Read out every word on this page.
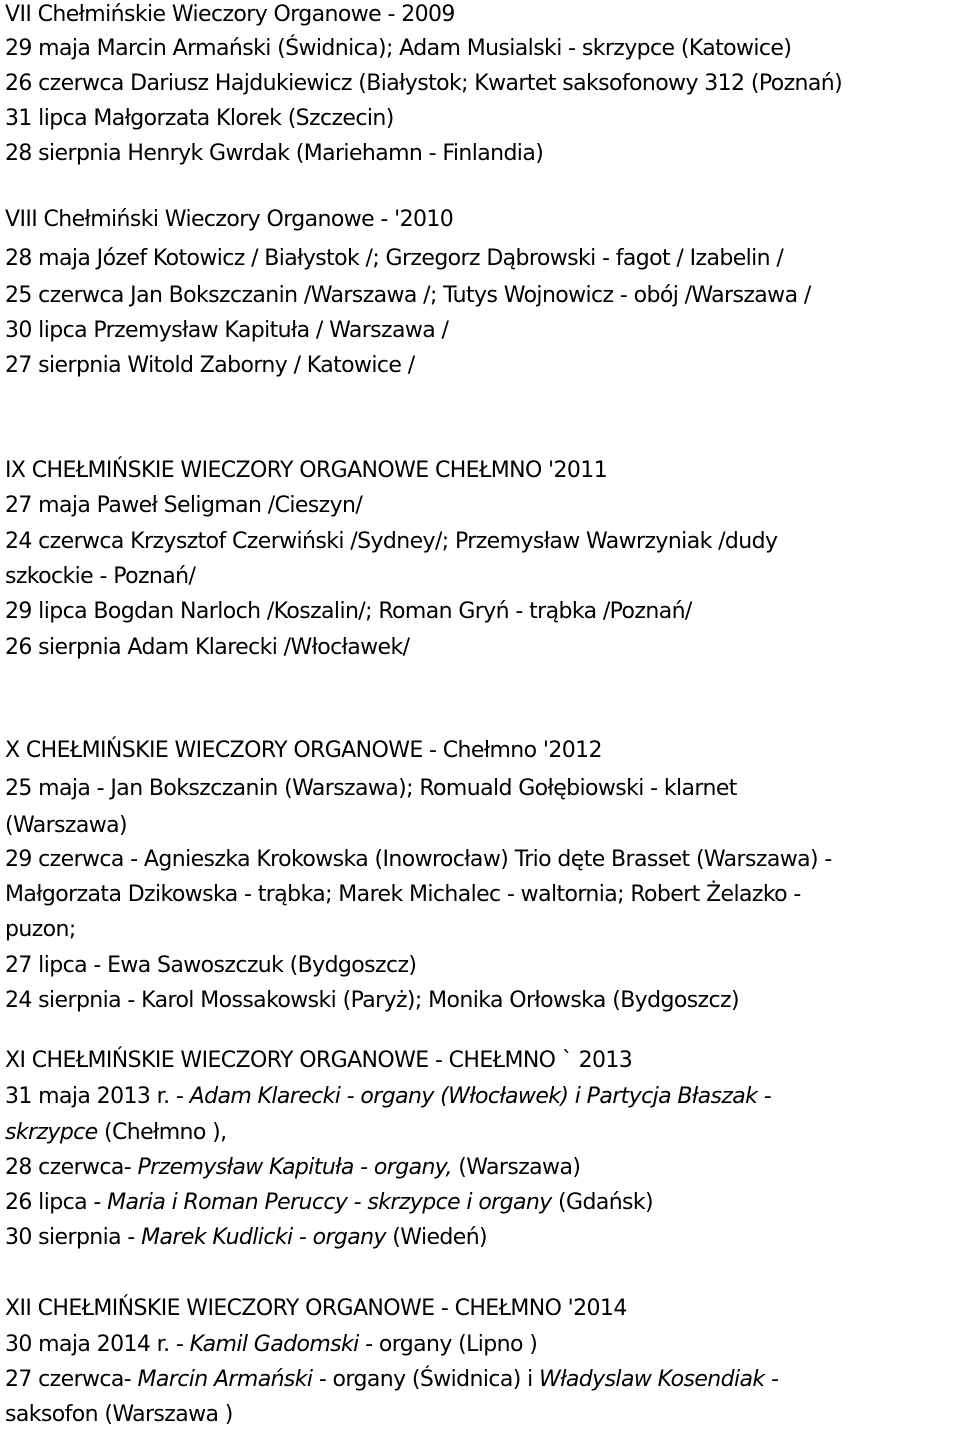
VII Chełmińskie Wieczory Organowe - 2009
29 maja Marcin Armański (Świdnica); Adam Musialski - skrzypce (Katowice)
26 czerwca Dariusz Hajdukiewicz (Białystok; Kwartet saksofonowy 312 (Poznań)
31 lipca Małgorzata Klorek (Szczecin)
28 sierpnia Henryk Gwrdak (Mariehamn - Finlandia)
VIII Chełmiński Wieczory Organowe - '2010
28 maja Józef Kotowicz / Białystok /; Grzegorz Dąbrowski - fagot / Izabelin /
25 czerwca Jan Bokszczanin /Warszawa /; Tutys Wojnowicz - obój /Warszawa /
30 lipca Przemysław Kapituła / Warszawa /
27 sierpnia Witold Zaborny / Katowice /
IX CHEŁMIŃSKIE WIECZORY ORGANOWE CHEŁMNO '2011
27 maja Paweł Seligman /Cieszyn/
24 czerwca Krzysztof Czerwiński /Sydney/; Przemysław Wawrzyniak /dudy
szkockie - Poznań/
29 lipca Bogdan Narloch /Koszalin/; Roman Gryń - trąbka /Poznań/
26 sierpnia Adam Klarecki /Włocławek/
X CHEŁMIŃSKIE WIECZORY ORGANOWE - Chełmno '2012
25 maja - Jan Bokszczanin (Warszawa); Romuald Gołębiowski - klarnet
(Warszawa)
29 czerwca - Agnieszka Krokowska (Inowrocław) Trio dęte Brasset (Warszawa) -
Małgorzata Dzikowska - trąbka; Marek Michalec - waltornia; Robert Żelazko -
puzon;
27 lipca - Ewa Sawoszczuk (Bydgoszcz)
24 sierpnia - Karol Mossakowski (Paryż); Monika Orłowska (Bydgoszcz)
XI CHEŁMIŃSKIE WIECZORY ORGANOWE - CHEŁMNO ` 2013
31 maja 2013 r. - Adam Klarecki - organy (Włocławek) i Partycja Błaszak -
skrzypce (Chełmno ),
28 czerwca- Przemysław Kapituła - organy, (Warszawa)
26 lipca - Maria i Roman Peruccy - skrzypce i organy (Gdańsk)
30 sierpnia - Marek Kudlicki - organy (Wiedeń)
XII CHEŁMIŃSKIE WIECZORY ORGANOWE - CHEŁMNO '2014
30 maja 2014 r. - Kamil Gadomski - organy (Lipno )
27 czerwca- Marcin Armański - organy (Świdnica) i Władyslaw Kosendiak -
saksofon (Warszawa )
